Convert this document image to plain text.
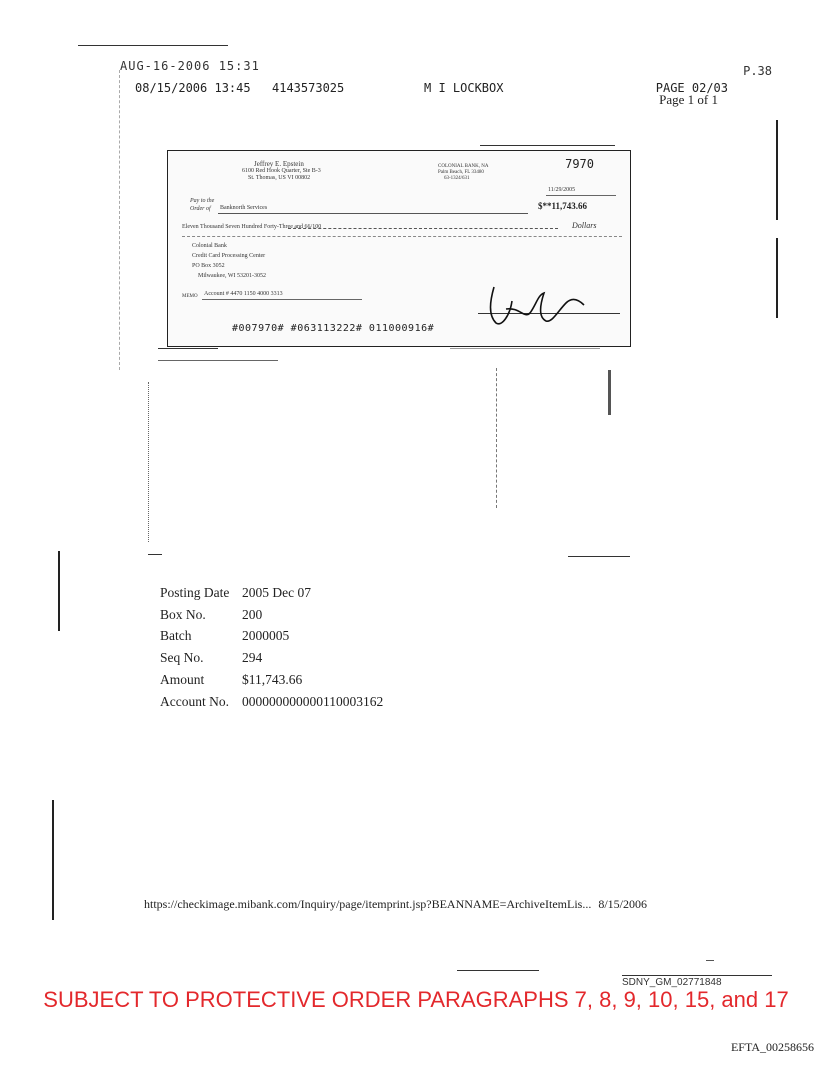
AUG-16-2006 15:31	P.38
08/15/2006 13:45 4143573025	M I LOCKBOX	PAGE 02/03
Page 1 of 1
Jeffrey E. Epstein
6100 Red Hook Quarter, Ste B-3
St. Thomas, US VI 00802
COLONIAL BANK, NA
Palm Beach, FL 33480
63-1324/631
7970
11/29/2005
Pay to the
Order of Banknorth Services	$**11,743.66
Eleven Thousand Seven Hundred Forty-Three and 66/100	Dollars
Colonial Bank
Credit Card Processing Center
PO Box 3052
Milwaukee, WI 53201-3052
MEMO Account # 4470 1150 4000 3313
#007970# #063113222# 011000916#
Posting Date 2005 Dec 07
Box No.	200
Batch	2000005
Seq No.	294
Amount	$11,743.66
Account No. 000000000000110003162
https://checkimage.mibank.com/Inquiry/page/itemprint.jsp?BEANNAME=ArchiveItemLis... 8/15/2006
SDNY_GM_02771848
SUBJECT TO PROTECTIVE ORDER PARAGRAPHS 7, 8, 9, 10, 15, and 17
EFTA_00258656
